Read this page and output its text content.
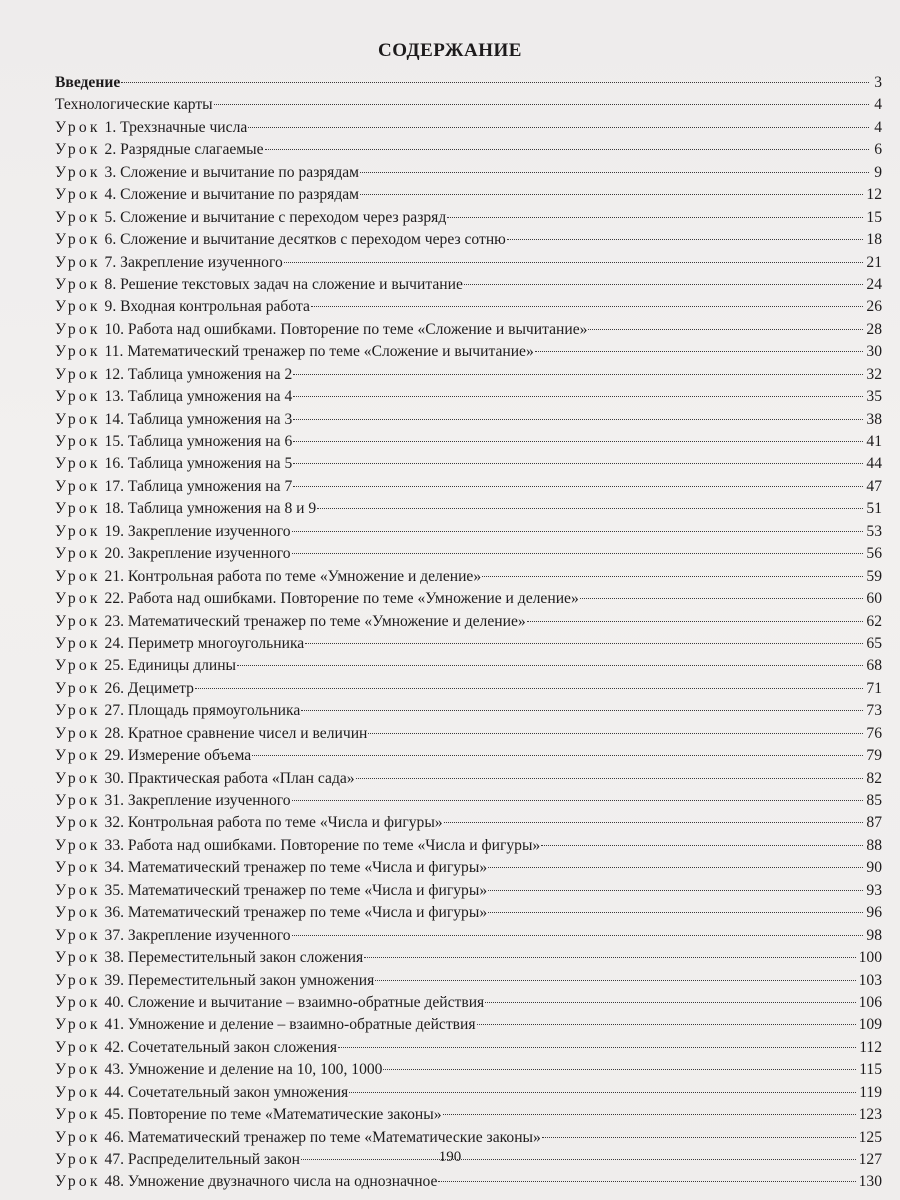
СОДЕРЖАНИЕ
Введение	3
Технологические карты	4
Урок 1. Трехзначные числа	4
Урок 2. Разрядные слагаемые	6
Урок 3. Сложение и вычитание по разрядам	9
Урок 4. Сложение и вычитание по разрядам	12
Урок 5. Сложение и вычитание с переходом через разряд	15
Урок 6. Сложение и вычитание десятков с переходом через сотню	18
Урок 7. Закрепление изученного	21
Урок 8. Решение текстовых задач на сложение и вычитание	24
Урок 9. Входная контрольная работа	26
Урок 10. Работа над ошибками. Повторение по теме «Сложение и вычитание»	28
Урок 11. Математический тренажер по теме «Сложение и вычитание»	30
Урок 12. Таблица умножения на 2	32
Урок 13. Таблица умножения на 4	35
Урок 14. Таблица умножения на 3	38
Урок 15. Таблица умножения на 6	41
Урок 16. Таблица умножения на 5	44
Урок 17. Таблица умножения на 7	47
Урок 18. Таблица умножения на 8 и 9	51
Урок 19. Закрепление изученного	53
Урок 20. Закрепление изученного	56
Урок 21. Контрольная работа по теме «Умножение и деление»	59
Урок 22. Работа над ошибками. Повторение по теме «Умножение и деление»	60
Урок 23. Математический тренажер по теме «Умножение и деление»	62
Урок 24. Периметр многоугольника	65
Урок 25. Единицы длины	68
Урок 26. Дециметр	71
Урок 27. Площадь прямоугольника	73
Урок 28. Кратное сравнение чисел и величин	76
Урок 29. Измерение объема	79
Урок 30. Практическая работа «План сада»	82
Урок 31. Закрепление изученного	85
Урок 32. Контрольная работа по теме «Числа и фигуры»	87
Урок 33. Работа над ошибками. Повторение по теме «Числа и фигуры»	88
Урок 34. Математический тренажер по теме «Числа и фигуры»	90
Урок 35. Математический тренажер по теме «Числа и фигуры»	93
Урок 36. Математический тренажер по теме «Числа и фигуры»	96
Урок 37. Закрепление изученного	98
Урок 38. Переместительный закон сложения	100
Урок 39. Переместительный закон умножения	103
Урок 40. Сложение и вычитание – взаимно-обратные действия	106
Урок 41. Умножение и деление – взаимно-обратные действия	109
Урок 42. Сочетательный закон сложения	112
Урок 43. Умножение и деление на 10, 100, 1000	115
Урок 44. Сочетательный закон умножения	119
Урок 45. Повторение по теме «Математические законы»	123
Урок 46. Математический тренажер по теме «Математические законы»	125
Урок 47. Распределительный закон	127
Урок 48. Умножение двузначного числа на однозначное	130
190
